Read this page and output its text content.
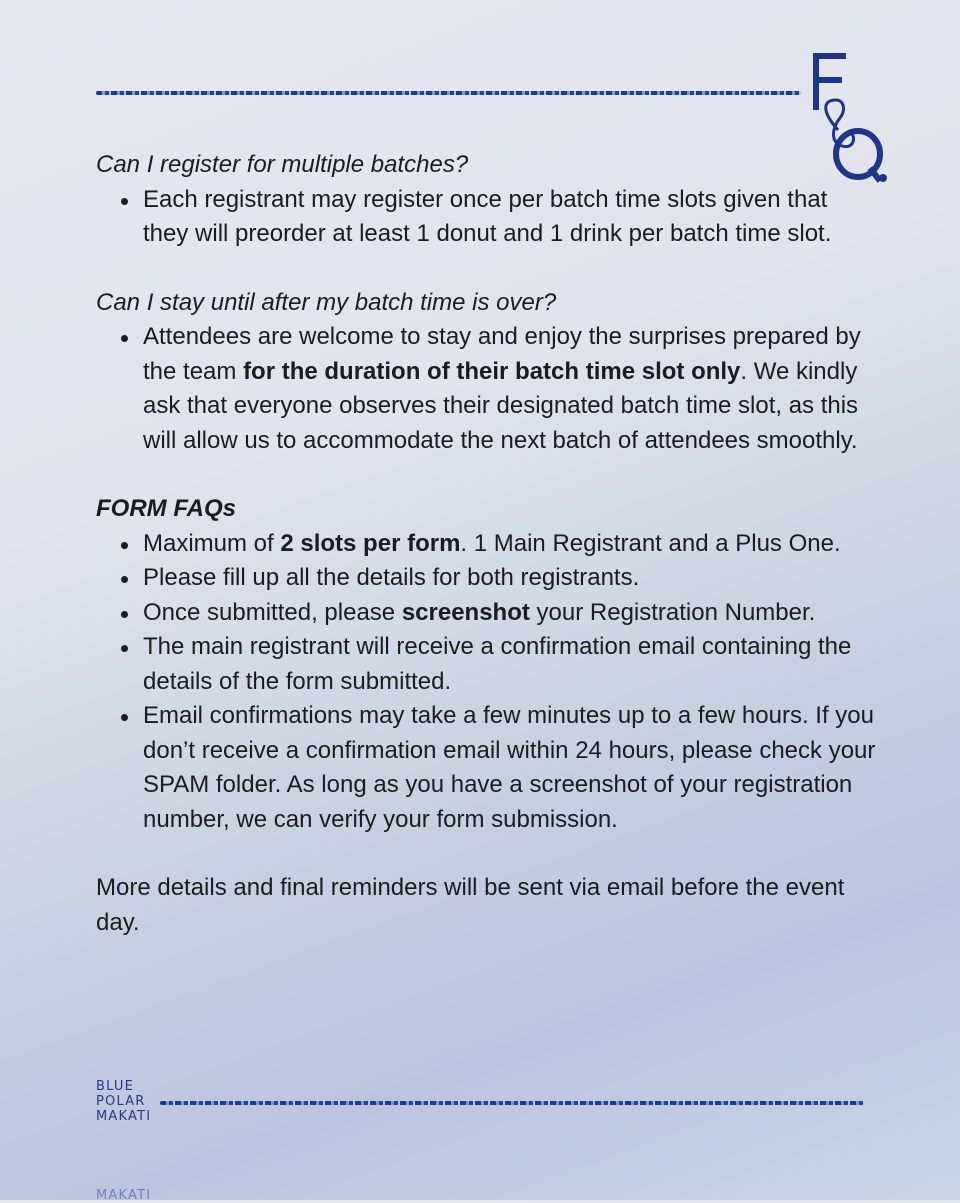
Can I register for multiple batches?

Each registrant may register once per batch time slots given that they will preorder at least 1 donut and 1 drink per batch time slot.

Can I stay until after my batch time is over?

Attendees are welcome to stay and enjoy the surprises prepared by the team for the duration of their batch time slot only. We kindly ask that everyone observes their designated batch time slot, as this will allow us to accommodate the next batch of attendees smoothly.

FORM FAQs

Maximum of 2 slots per form. 1 Main Registrant and a Plus One.
Please fill up all the details for both registrants.
Once submitted, please screenshot your Registration Number.
The main registrant will receive a confirmation email containing the details of the form submitted.
Email confirmations may take a few minutes up to a few hours. If you don’t receive a confirmation email within 24 hours, please check your SPAM folder. As long as you have a screenshot of your registration number, we can verify your form submission.

More details and final reminders will be sent via email before the event day.

BLUE
POLAR
MAKATI
MAKATI
